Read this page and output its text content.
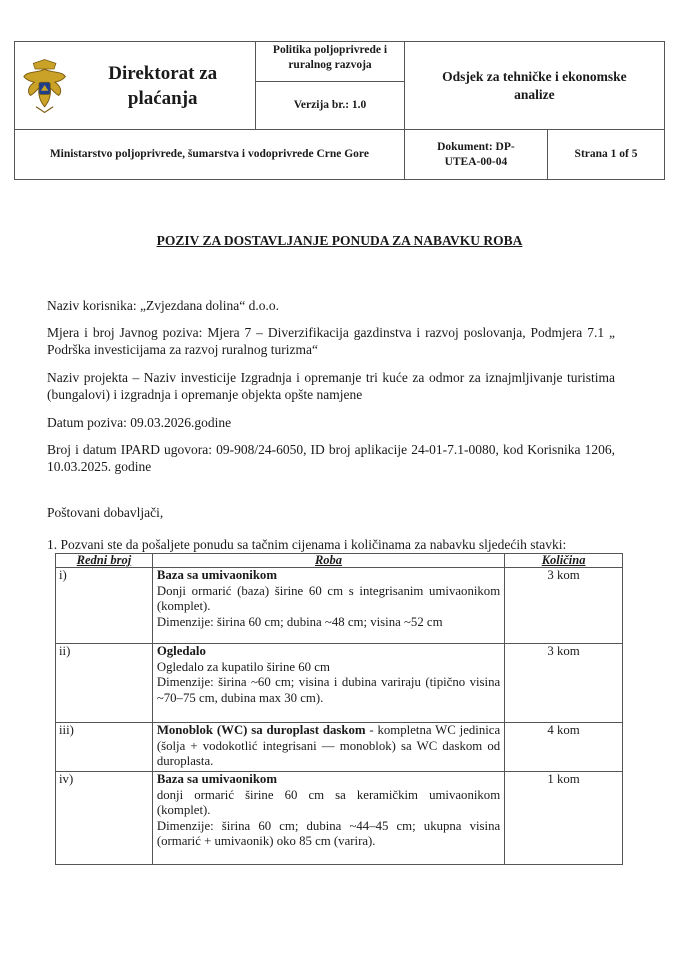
Direktorat za plaćanja	Politika poljoprivrede i ruralnog razvoja
Verzija br.: 1.0	Odsjek za tehničke i ekonomske analize	

Ministarstvo poljoprivrede, šumarstva i vodoprivrede Crne Gore		Dokument: DP-UTEA-00-04	Strana 1 of 5
POZIV ZA DOSTAVLJANJE PONUDA ZA NABAVKU ROBA
Naziv korisnika: „Zvjezdana dolina“ d.o.o.
Mjera i broj Javnog poziva: Mjera 7 – Diverzifikacija gazdinstva i razvoj poslovanja, Podmjera 7.1 „ Podrška investicijama za razvoj ruralnog turizma“
Naziv projekta – Naziv investicije Izgradnja i opremanje tri kuće za odmor za iznajmljivanje turistima (bungalovi) i izgradnja i opremanje objekta opšte namjene
Datum poziva: 09.03.2026.godine
Broj i datum IPARD ugovora: 09-908/24-6050, ID broj aplikacije 24-01-7.1-0080, kod Korisnika 1206, 10.03.2025. godine
Poštovani dobavljači,
1. Pozvani ste da pošaljete ponudu sa tačnim cijenama i količinama za nabavku sljedećih stavki:
Redni broj	Roba	Količina
i)	Baza sa umivaonikom
Donji ormarić (baza) širine 60 cm s integrisanim umivaonikom (komplet).
Dimenzije: širina 60 cm; dubina ~48 cm; visina ~52 cm	3 kom
ii)	Ogledalo
Ogledalo za kupatilo širine 60 cm
Dimenzije: širina ~60 cm; visina i dubina variraju (tipično visina ~70–75 cm, dubina max 30 cm).	3 kom
iii)	Monoblok (WC) sa duroplast daskom - kompletna WC jedinica (šolja + vodokotlić integrisani — monoblok) sa WC daskom od duroplasta.	4 kom
iv)	Baza sa umivaonikom
donji ormarić širine 60 cm sa keramičkim umivaonikom (komplet).
Dimenzije: širina 60 cm; dubina ~44–45 cm; ukupna visina (ormarić + umivaonik) oko 85 cm (varira).	1 kom
